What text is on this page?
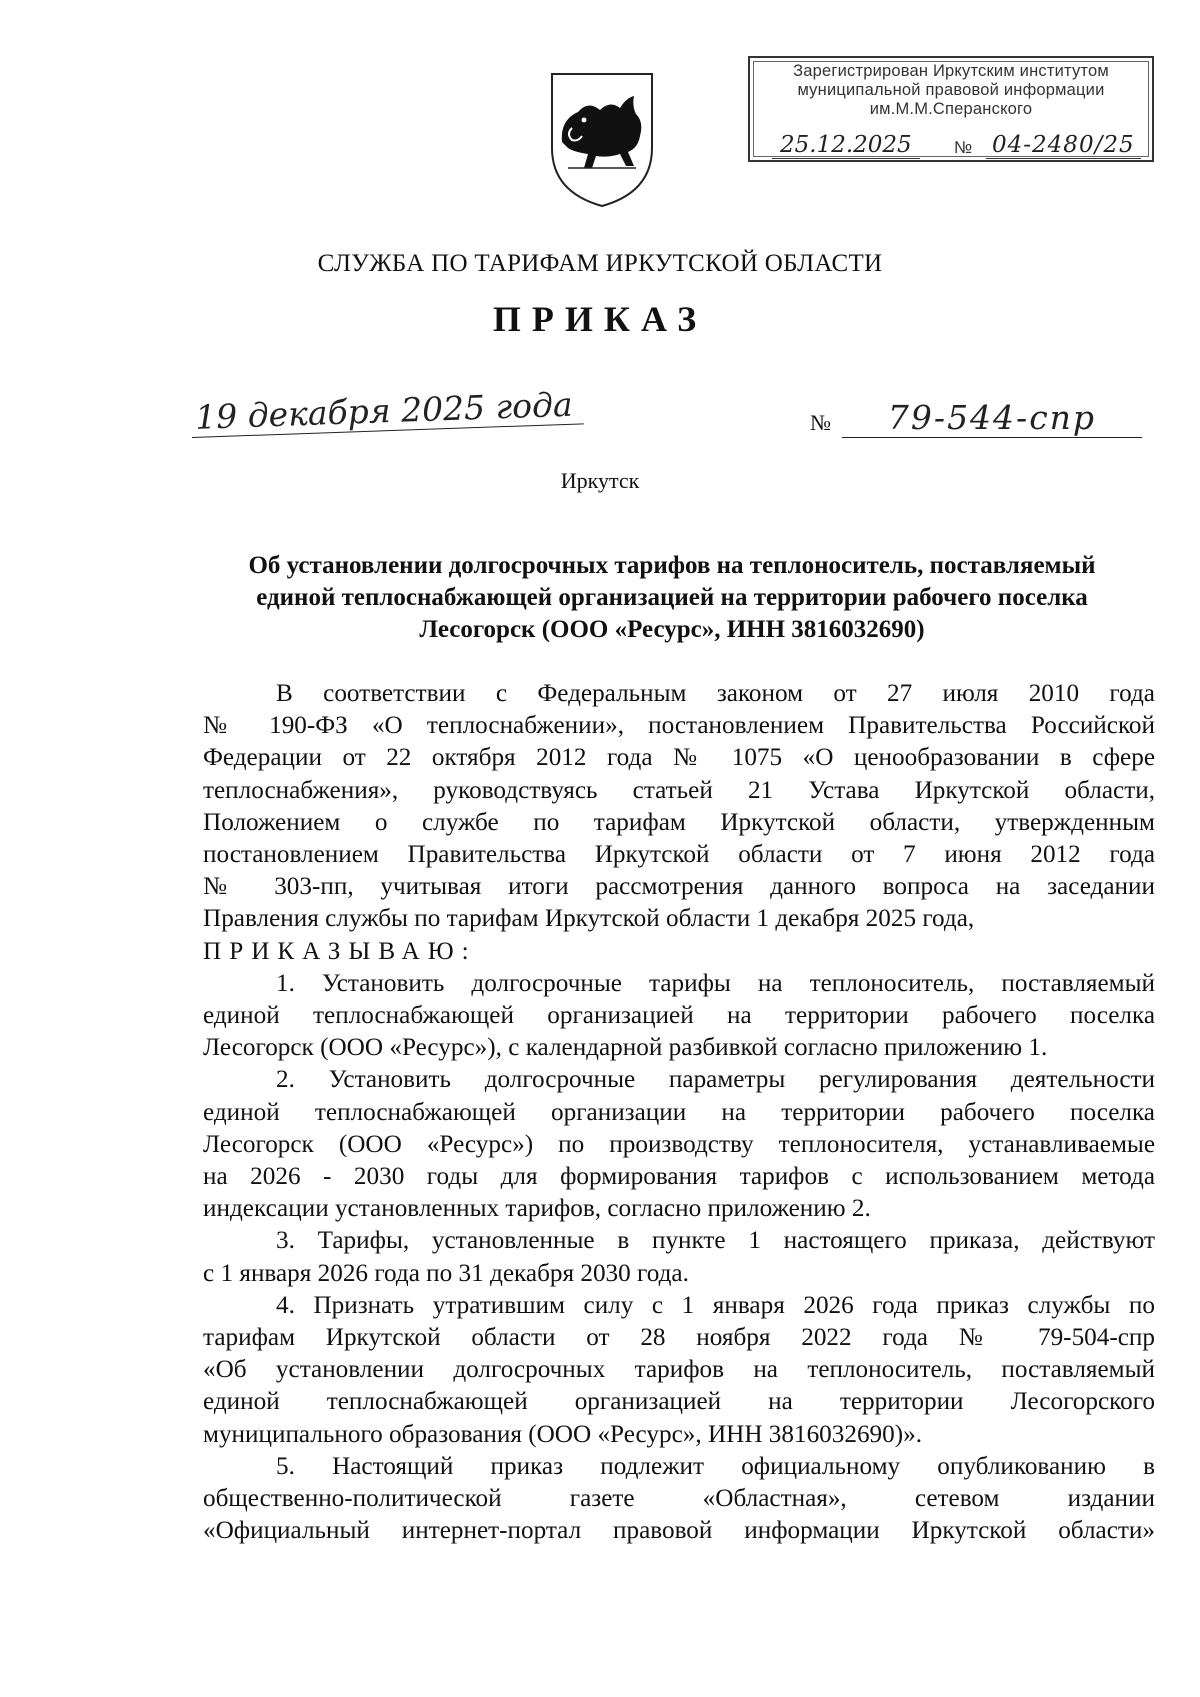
Зарегистрирован Иркутским институтом
муниципальной правовой информации
им.М.М.Сперанского
25.12.2025	№ 04-2480/25
СЛУЖБА ПО ТАРИФАМ ИРКУТСКОЙ ОБЛАСТИ
ПРИКАЗ
19 декабря 2025 года	№	79-544-спр
Иркутск
Об установлении долгосрочных тарифов на теплоноситель, поставляемый
единой теплоснабжающей организацией на территории рабочего поселка
Лесогорск (ООО «Ресурс», ИНН 3816032690)
В соответствии с Федеральным законом от 27 июля 2010 года
№ 190-ФЗ «О теплоснабжении», постановлением Правительства Российской
Федерации от 22 октября 2012 года № 1075 «О ценообразовании в сфере
теплоснабжения», руководствуясь статьей 21 Устава Иркутской области,
Положением о службе по тарифам Иркутской области, утвержденным
постановлением Правительства Иркутской области от 7 июня 2012 года
№ 303-пп, учитывая итоги рассмотрения данного вопроса на заседании
Правления службы по тарифам Иркутской области 1 декабря 2025 года,
ПРИКАЗЫВАЮ:
1. Установить долгосрочные тарифы на теплоноситель, поставляемый
единой теплоснабжающей организацией на территории рабочего поселка
Лесогорск (ООО «Ресурс»), с календарной разбивкой согласно приложению 1.
2. Установить долгосрочные параметры регулирования деятельности
единой теплоснабжающей организации на территории рабочего поселка
Лесогорск (ООО «Ресурс») по производству теплоносителя, устанавливаемые
на 2026 - 2030 годы для формирования тарифов с использованием метода
индексации установленных тарифов, согласно приложению 2.
3. Тарифы, установленные в пункте 1 настоящего приказа, действуют
с 1 января 2026 года по 31 декабря 2030 года.
4. Признать утратившим силу с 1 января 2026 года приказ службы по
тарифам Иркутской области от 28 ноября 2022 года № 79-504-спр
«Об установлении долгосрочных тарифов на теплоноситель, поставляемый
единой теплоснабжающей организацией на территории Лесогорского
муниципального образования (ООО «Ресурс», ИНН 3816032690)».
5. Настоящий приказ подлежит официальному опубликованию в
общественно-политической газете «Областная», сетевом издании
«Официальный интернет-портал правовой информации Иркутской области»
